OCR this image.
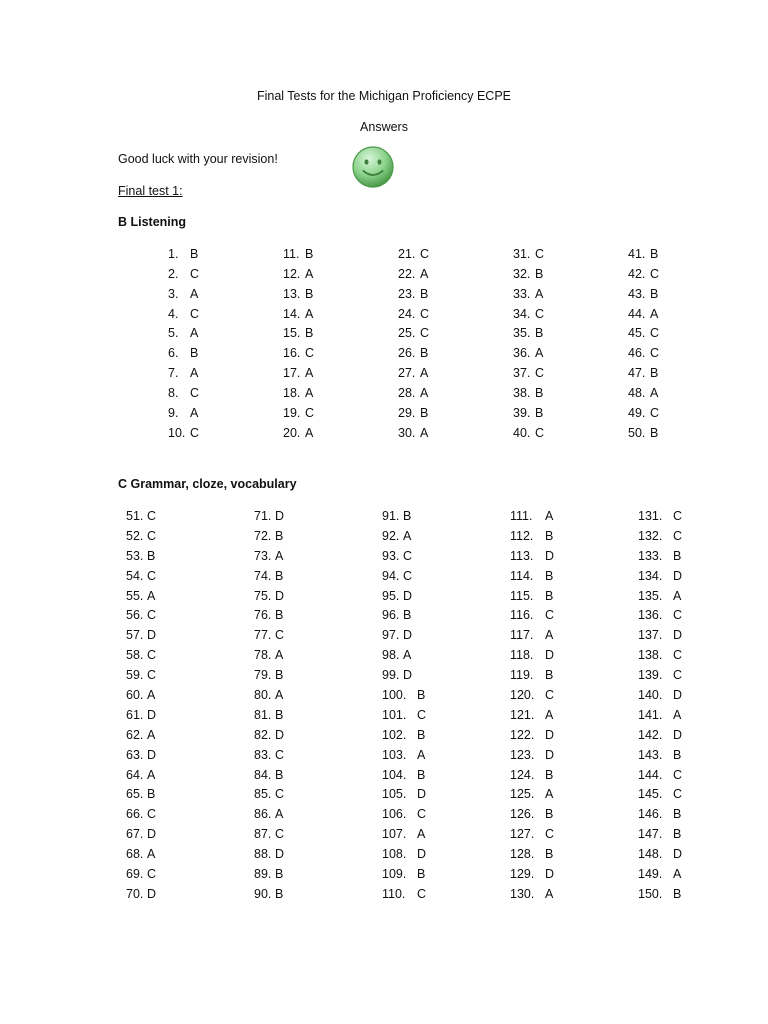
Final Tests for the Michigan Proficiency ECPE
Answers
Good luck with your revision!
Final test 1:
B Listening
1. B
2. C
3. A
4. C
5. A
6. B
7. A
8. C
9. A
10. C
11. B
12. A
13. B
14. A
15. B
16. C
17. A
18. A
19. C
20. A
21. C
22. A
23. B
24. C
25. C
26. B
27. A
28. A
29. B
30. A
31. C
32. B
33. A
34. C
35. B
36. A
37. C
38. B
39. B
40. C
41. B
42. C
43. B
44. A
45. C
46. C
47. B
48. A
49. C
50. B
C Grammar, cloze, vocabulary
51. C
52. C
53. B
54. C
55. A
56. C
57. D
58. C
59. C
60. A
61. D
62. A
63. D
64. A
65. B
66. C
67. D
68. A
69. C
70. D
71. D
72. B
73. A
74. B
75. D
76. B
77. C
78. A
79. B
80. A
81. B
82. D
83. C
84. B
85. C
86. A
87. C
88. D
89. B
90. B
91. B
92. A
93. C
94. C
95. D
96. B
97. D
98. A
99. D
100. B
101. C
102. B
103. A
104. B
105. D
106. C
107. A
108. D
109. B
110. C
111. A
112. B
113. D
114. B
115. B
116. C
117. A
118. D
119. B
120. C
121. A
122. D
123. D
124. B
125. A
126. B
127. C
128. B
129. D
130. A
131. C
132. C
133. B
134. D
135. A
136. C
137. D
138. C
139. C
140. D
141. A
142. D
143. B
144. C
145. C
146. B
147. B
148. D
149. A
150. B
